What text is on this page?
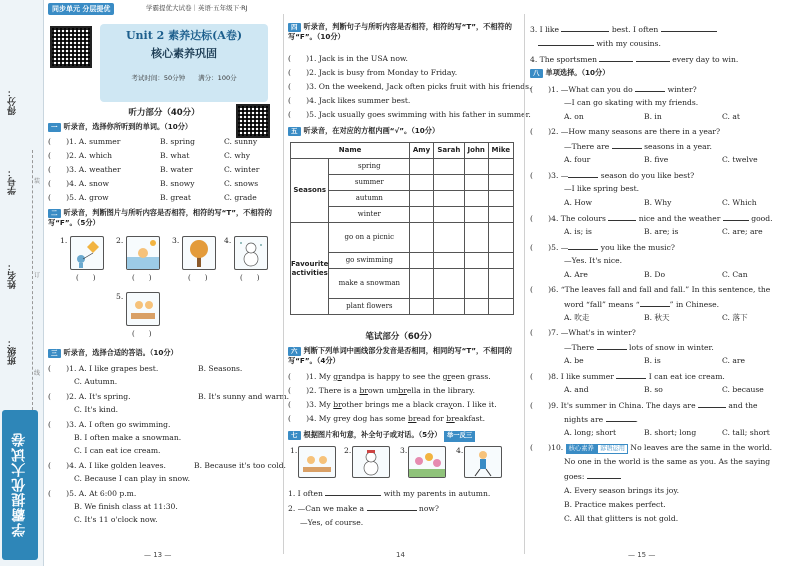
得分：
学号：
姓名：
班级：
装
订
线
学霸提优大试卷
同步单元 分层提优	学霸提优大试卷｜英语·五年级下·RJ
Unit 2 素养达标(A卷)
核心素养巩固
考试时间：50分钟　　满分：100分
听力部分（40分）
一 听录音，选择你所听到的单词。（10分）
(　　)1. A. summer	B. spring	C. sunny
(　　)2. A. which	B. what	C. why
(　　)3. A. weather	B. water	C. winter
(　　)4. A. snow	B. snowy	C. snows
(　　)5. A. grow	B. great	C. grade
二 听录音，判断图片与所听内容是否相符，相符的写“T”，不相符的写“F”。（5分）
1.
(　　)
2.
(　　)
3.
(　　)
4.
(　　)
5.
(　　)
三 听录音，选择合适的答语。（10分）
(　　)1. A. I like grapes best.	B. Seasons.
C. Autumn.
(　　)2. A. It's spring.	B. It's sunny and warm.
C. It's kind.
(　　)3. A. I often go swimming.
B. I often make a snowman.
C. I can eat ice cream.
(　　)4. A. I like golden leaves.	B. Because it's too cold.
C. Because I can play in snow.
(　　)5. A. At 6:00 p.m.
B. We finish class at 11:30.
C. It's 11 o'clock now.
— 13 —
四 听录音，判断句子与所听内容是否相符，相符的写“T”，不相符的写“F”。（10分）
(　　)1. Jack is in the USA now.
(　　)2. Jack is busy from Monday to Friday.
(　　)3. On the weekend, Jack often picks fruit with his friends.
(　　)4. Jack likes summer best.
(　　)5. Jack usually goes swimming with his father in summer.
五 听录音，在对应的方框内画“√”。（10分）
Name		Amy	Sarah	John	Mike
Seasons	spring				
	summer				
	autumn				
	winter				
Favourite activities	go on a picnic				
	go swimming				
	make a snowman				
	plant flowers				
笔试部分（60分）
六 判断下列单词中画线部分发音是否相同，相同的写“T”，不相同的写“F”。（4分）
(　　)1. My grandpa is happy to see the green grass.
(　　)2. There is a brown umbrella in the library.
(　　)3. My brother brings me a black crayon. I like it.
(　　)4. My grey dog has some bread for breakfast.
七 根据图片和句意，补全句子或对话。（5分） 举一反三
1.	2.	3.	4.
1. I often	with my parents in autumn.
2. —Can we make a	now?
—Yes, of course.
14
3. I like	best. I often
with my cousins.
4. The sportsmen	every day to win.
八 单项选择。（10分）
(　　)1. —What can you do	winter?
—I can go skating with my friends.
A. on	B. in	C. at
(　　)2. —How many seasons are there in a year?
—There are	seasons in a year.
A. four	B. five	C. twelve
(　　)3. —	season do you like best?
—I like spring best.
A. How	B. Why	C. Which
(　　)4. The colours	nice and the weather	good.
A. is; is	B. are; is	C. are; are
(　　)5. —	you like the music?
—Yes. It's nice.
A. Are	B. Do	C. Can
(　　)6. “The leaves fall and fall and fall.” In this sentence, the
word “fall” means “	” in Chinese.
A. 吹走	B. 秋天	C. 落下
(　　)7. —What's in winter?
—There	lots of snow in winter.
A. be	B. is	C. are
(　　)8. I like summer	I can eat ice cream.
A. and	B. so	C. because
(　　)9. It's summer in China. The days are	and the
nights are	.
A. long; short	B. short; long	C. tall; short
(　　)10. 核心素养 谚语运用 No leaves are the same in the world.
No one in the world is the same as you. As the saying
goes:
A. Every season brings its joy.
B. Practice makes perfect.
C. All that glitters is not gold.
— 15 —
